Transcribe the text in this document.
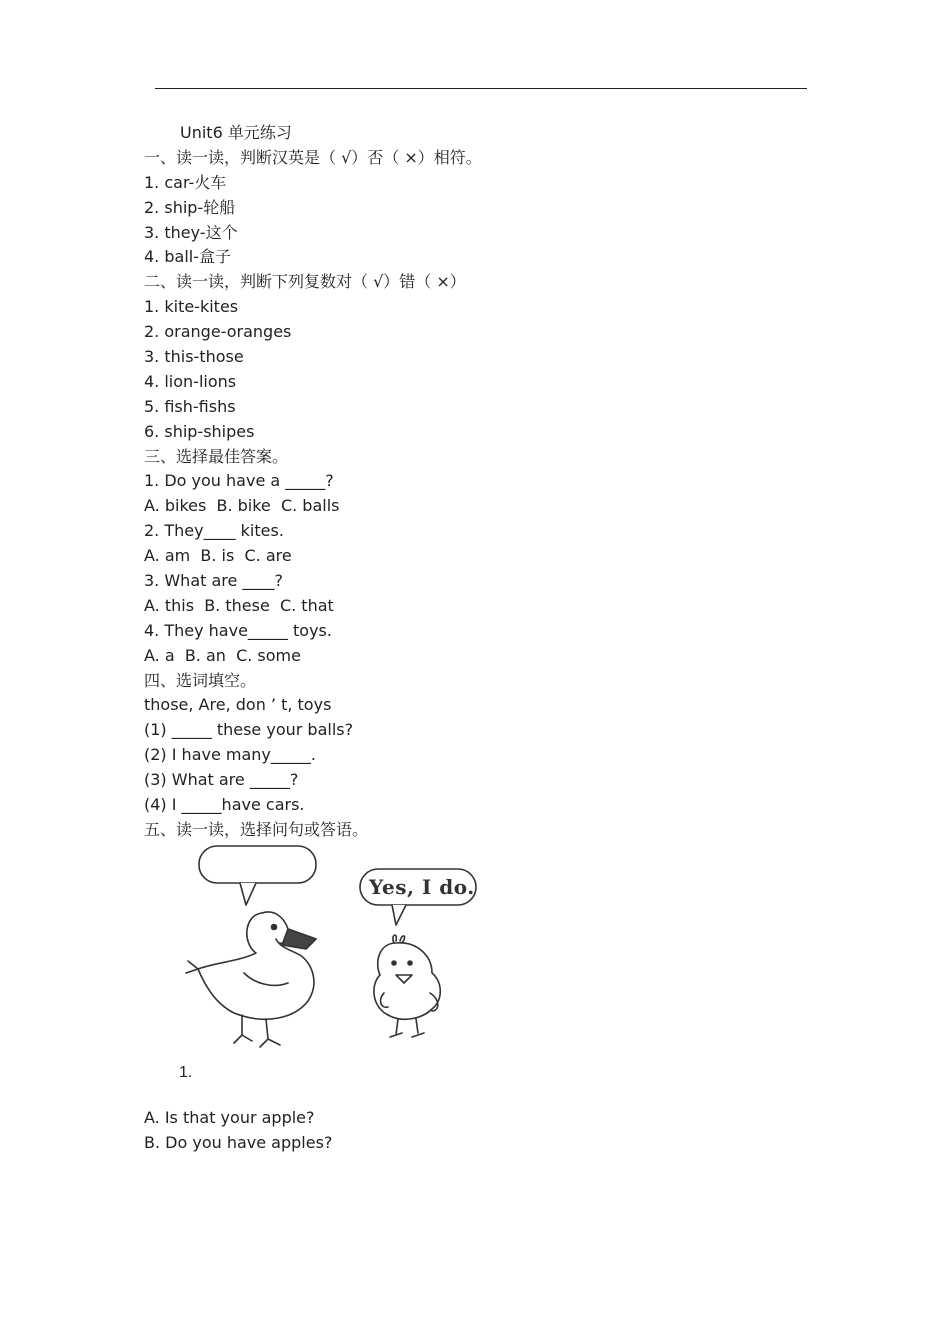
Unit6 单元练习
一、读一读，判断汉英是（ √）否（ ×）相符。
1. car-火车
2. ship-轮船
3. they-这个
4. ball-盒子
二、读一读，判断下列复数对（ √）错（ ×）
1. kite-kites
2. orange-oranges
3. this-those
4. lion-lions
5. fish-fishs
6. ship-shipes
三、选择最佳答案。
1. Do you have a _____?
A. bikes  B. bike  C. balls
2. They____ kites.
A. am  B. is  C. are
3. What are ____?
A. this  B. these  C. that
4. They have_____ toys.
A. a  B. an  C. some
四、选词填空。
those, Are, don ’ t, toys
(1) _____ these your balls?
(2) I have many_____.
(3) What are _____?
(4) I _____have cars.
五、读一读，选择问句或答语。
Yes, I do.
1.
A. Is that your apple?
B. Do you have apples?
